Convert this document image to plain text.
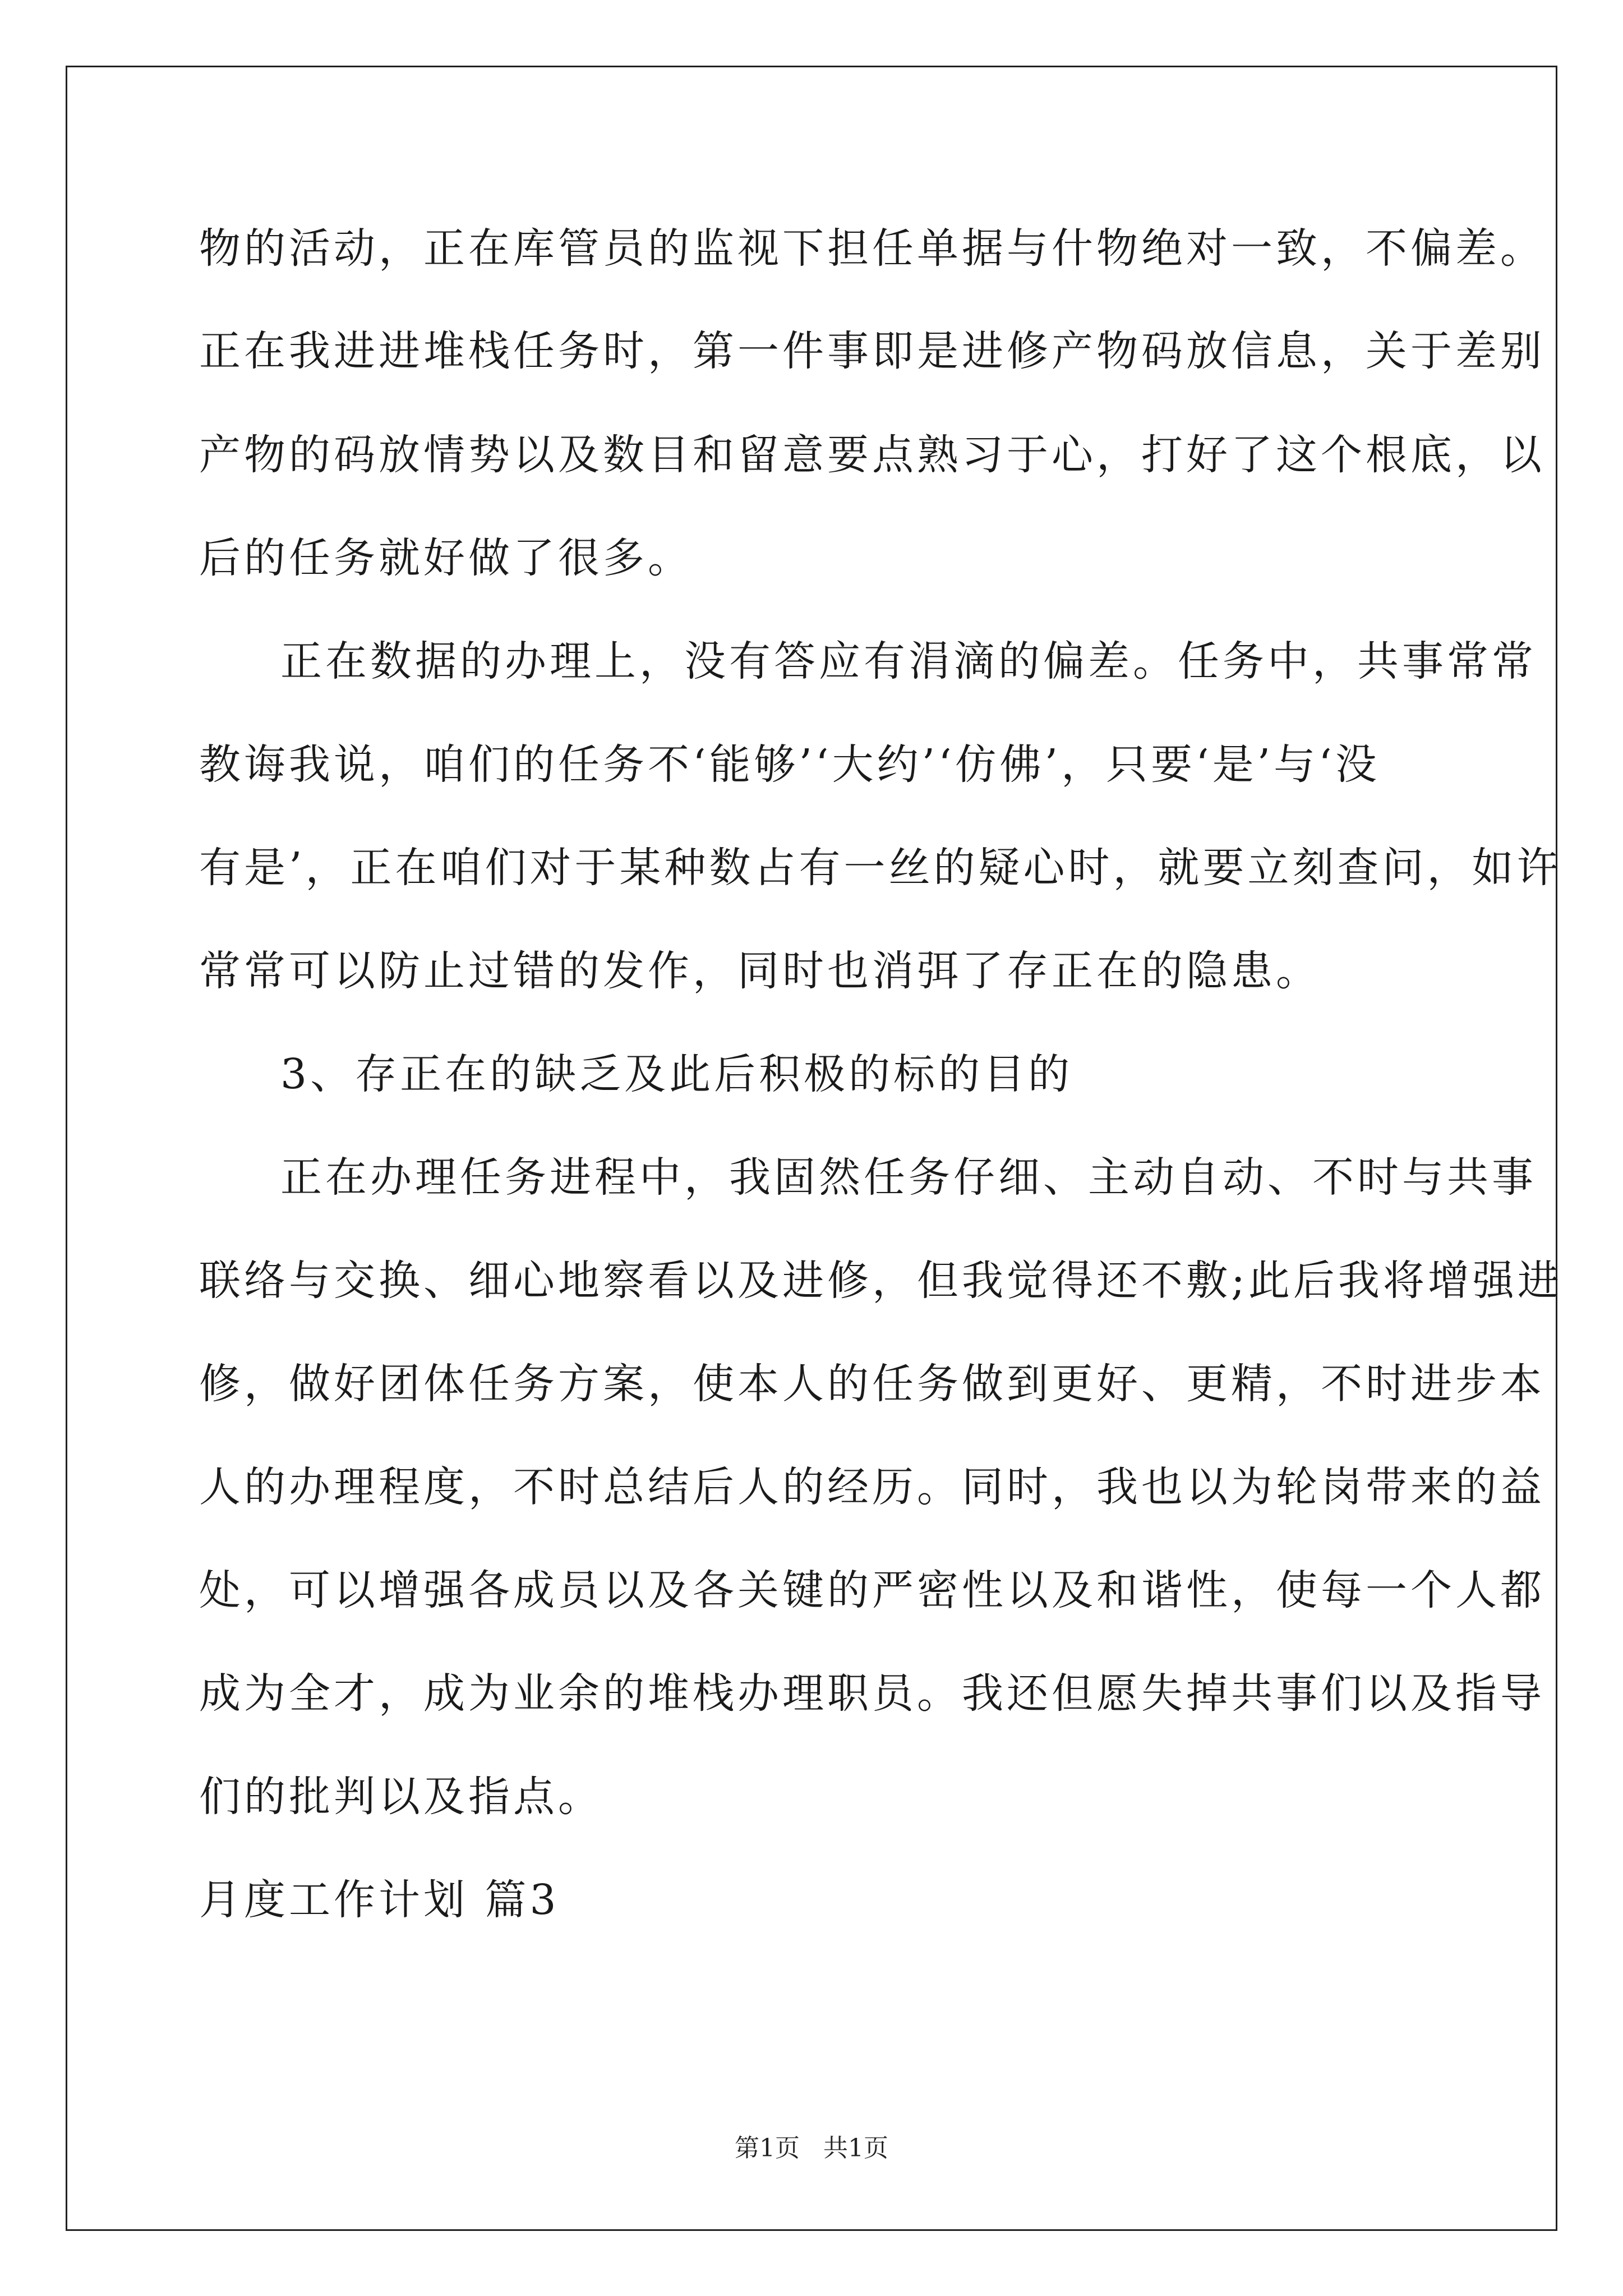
物的活动，正在库管员的监视下担任单据与什物绝对一致，不偏差。
正在我进进堆栈任务时，第一件事即是进修产物码放信息，关于差别
产物的码放情势以及数目和留意要点熟习于心，打好了这个根底，以
后的任务就好做了很多。
正在数据的办理上，没有答应有涓滴的偏差。任务中，共事常常
教诲我说，咱们的任务不‘能够’‘大约’‘仿佛’，只要‘是’与‘没
有是’，正在咱们对于某种数占有一丝的疑心时，就要立刻查问，如许
常常可以防止过错的发作，同时也消弭了存正在的隐患。
3、存正在的缺乏及此后积极的标的目的
正在办理任务进程中，我固然任务仔细、主动自动、不时与共事
联络与交换、细心地察看以及进修，但我觉得还不敷;此后我将增强进
修，做好团体任务方案，使本人的任务做到更好、更精，不时进步本
人的办理程度，不时总结后人的经历。同时，我也以为轮岗带来的益
处，可以增强各成员以及各关键的严密性以及和谐性，使每一个人都
成为全才，成为业余的堆栈办理职员。我还但愿失掉共事们以及指导
们的批判以及指点。
月度工作计划 篇3
第1页   共1页
